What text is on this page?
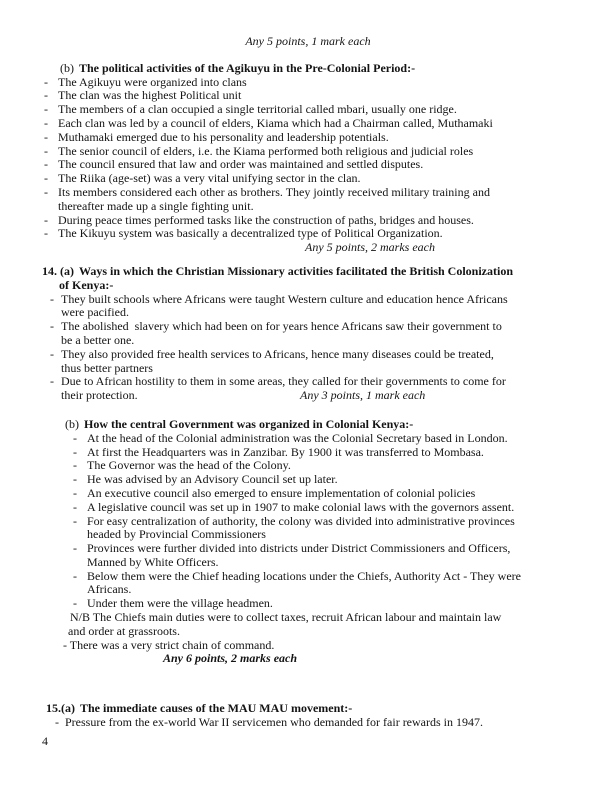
Any 5 points, 1 mark each
(b) The political activities of the Agikuyu in the Pre-Colonial Period:-
- The Agikuyu were organized into clans
- The clan was the highest Political unit
- The members of a clan occupied a single territorial called mbari, usually one ridge.
- Each clan was led by a council of elders, Kiama which had a Chairman called, Muthamaki
- Muthamaki emerged due to his personality and leadership potentials.
- The senior council of elders, i.e. the Kiama performed both religious and judicial roles
- The council ensured that law and order was maintained and settled disputes.
- The Riika (age-set) was a very vital unifying sector in the clan.
- Its members considered each other as brothers. They jointly received military training and
thereafter made up a single fighting unit.
- During peace times performed tasks like the construction of paths, bridges and houses.
- The Kikuyu system was basically a decentralized type of Political Organization.
Any 5 points, 2 marks each
14. (a) Ways in which the Christian Missionary activities facilitated the British Colonization
of Kenya:-
- They built schools where Africans were taught Western culture and education hence Africans
were pacified.
- The abolished  slavery which had been on for years hence Africans saw their government to
be a better one.
- They also provided free health services to Africans, hence many diseases could be treated,
thus better partners
- Due to African hostility to them in some areas, they called for their governments to come for
their protection.	Any 3 points, 1 mark each
(b) How the central Government was organized in Colonial Kenya:-
- At the head of the Colonial administration was the Colonial Secretary based in London.
- At first the Headquarters was in Zanzibar. By 1900 it was transferred to Mombasa.
- The Governor was the head of the Colony.
- He was advised by an Advisory Council set up later.
- An executive council also emerged to ensure implementation of colonial policies
- A legislative council was set up in 1907 to make colonial laws with the governors assent.
- For easy centralization of authority, the colony was divided into administrative provinces
headed by Provincial Commissioners
- Provinces were further divided into districts under District Commissioners and Officers,
Manned by White Officers.
- Below them were the Chief heading locations under the Chiefs, Authority Act - They were
Africans.
- Under them were the village headmen.
N/B The Chiefs main duties were to collect taxes, recruit African labour and maintain law
and order at grassroots.
- There was a very strict chain of command.
Any 6 points, 2 marks each
15.(a) The immediate causes of the MAU MAU movement:-
- Pressure from the ex-world War II servicemen who demanded for fair rewards in 1947.
4
